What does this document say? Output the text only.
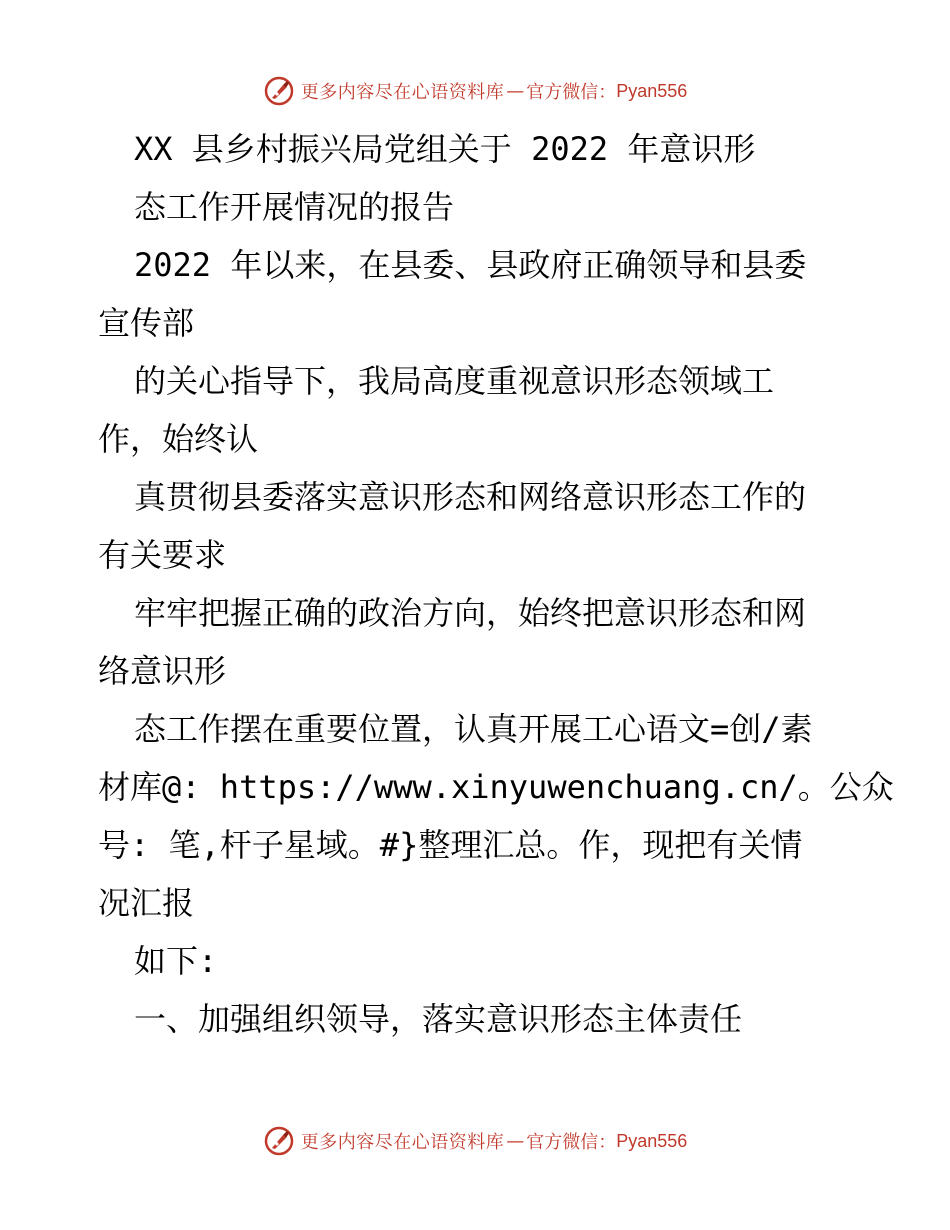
更多内容尽在心语资料库 — 官方微信： Pyan556
XX 县乡村振兴局党组关于 2022 年意识形
态工作开展情况的报告
2022 年以来，在县委、县政府正确领导和县委
宣传部
的关心指导下，我局高度重视意识形态领域工
作，始终认
真贯彻县委落实意识形态和网络意识形态工作的
有关要求
牢牢把握正确的政治方向，始终把意识形态和网
络意识形
态工作摆在重要位置，认真开展工心语文=创/素
材库@: https://www.xinyuwenchuang.cn/。公众
号: 笔,杆子星域。#}整理汇总。作，现把有关情
况汇报
如下:
一、加强组织领导，落实意识形态主体责任
更多内容尽在心语资料库 — 官方微信： Pyan556
